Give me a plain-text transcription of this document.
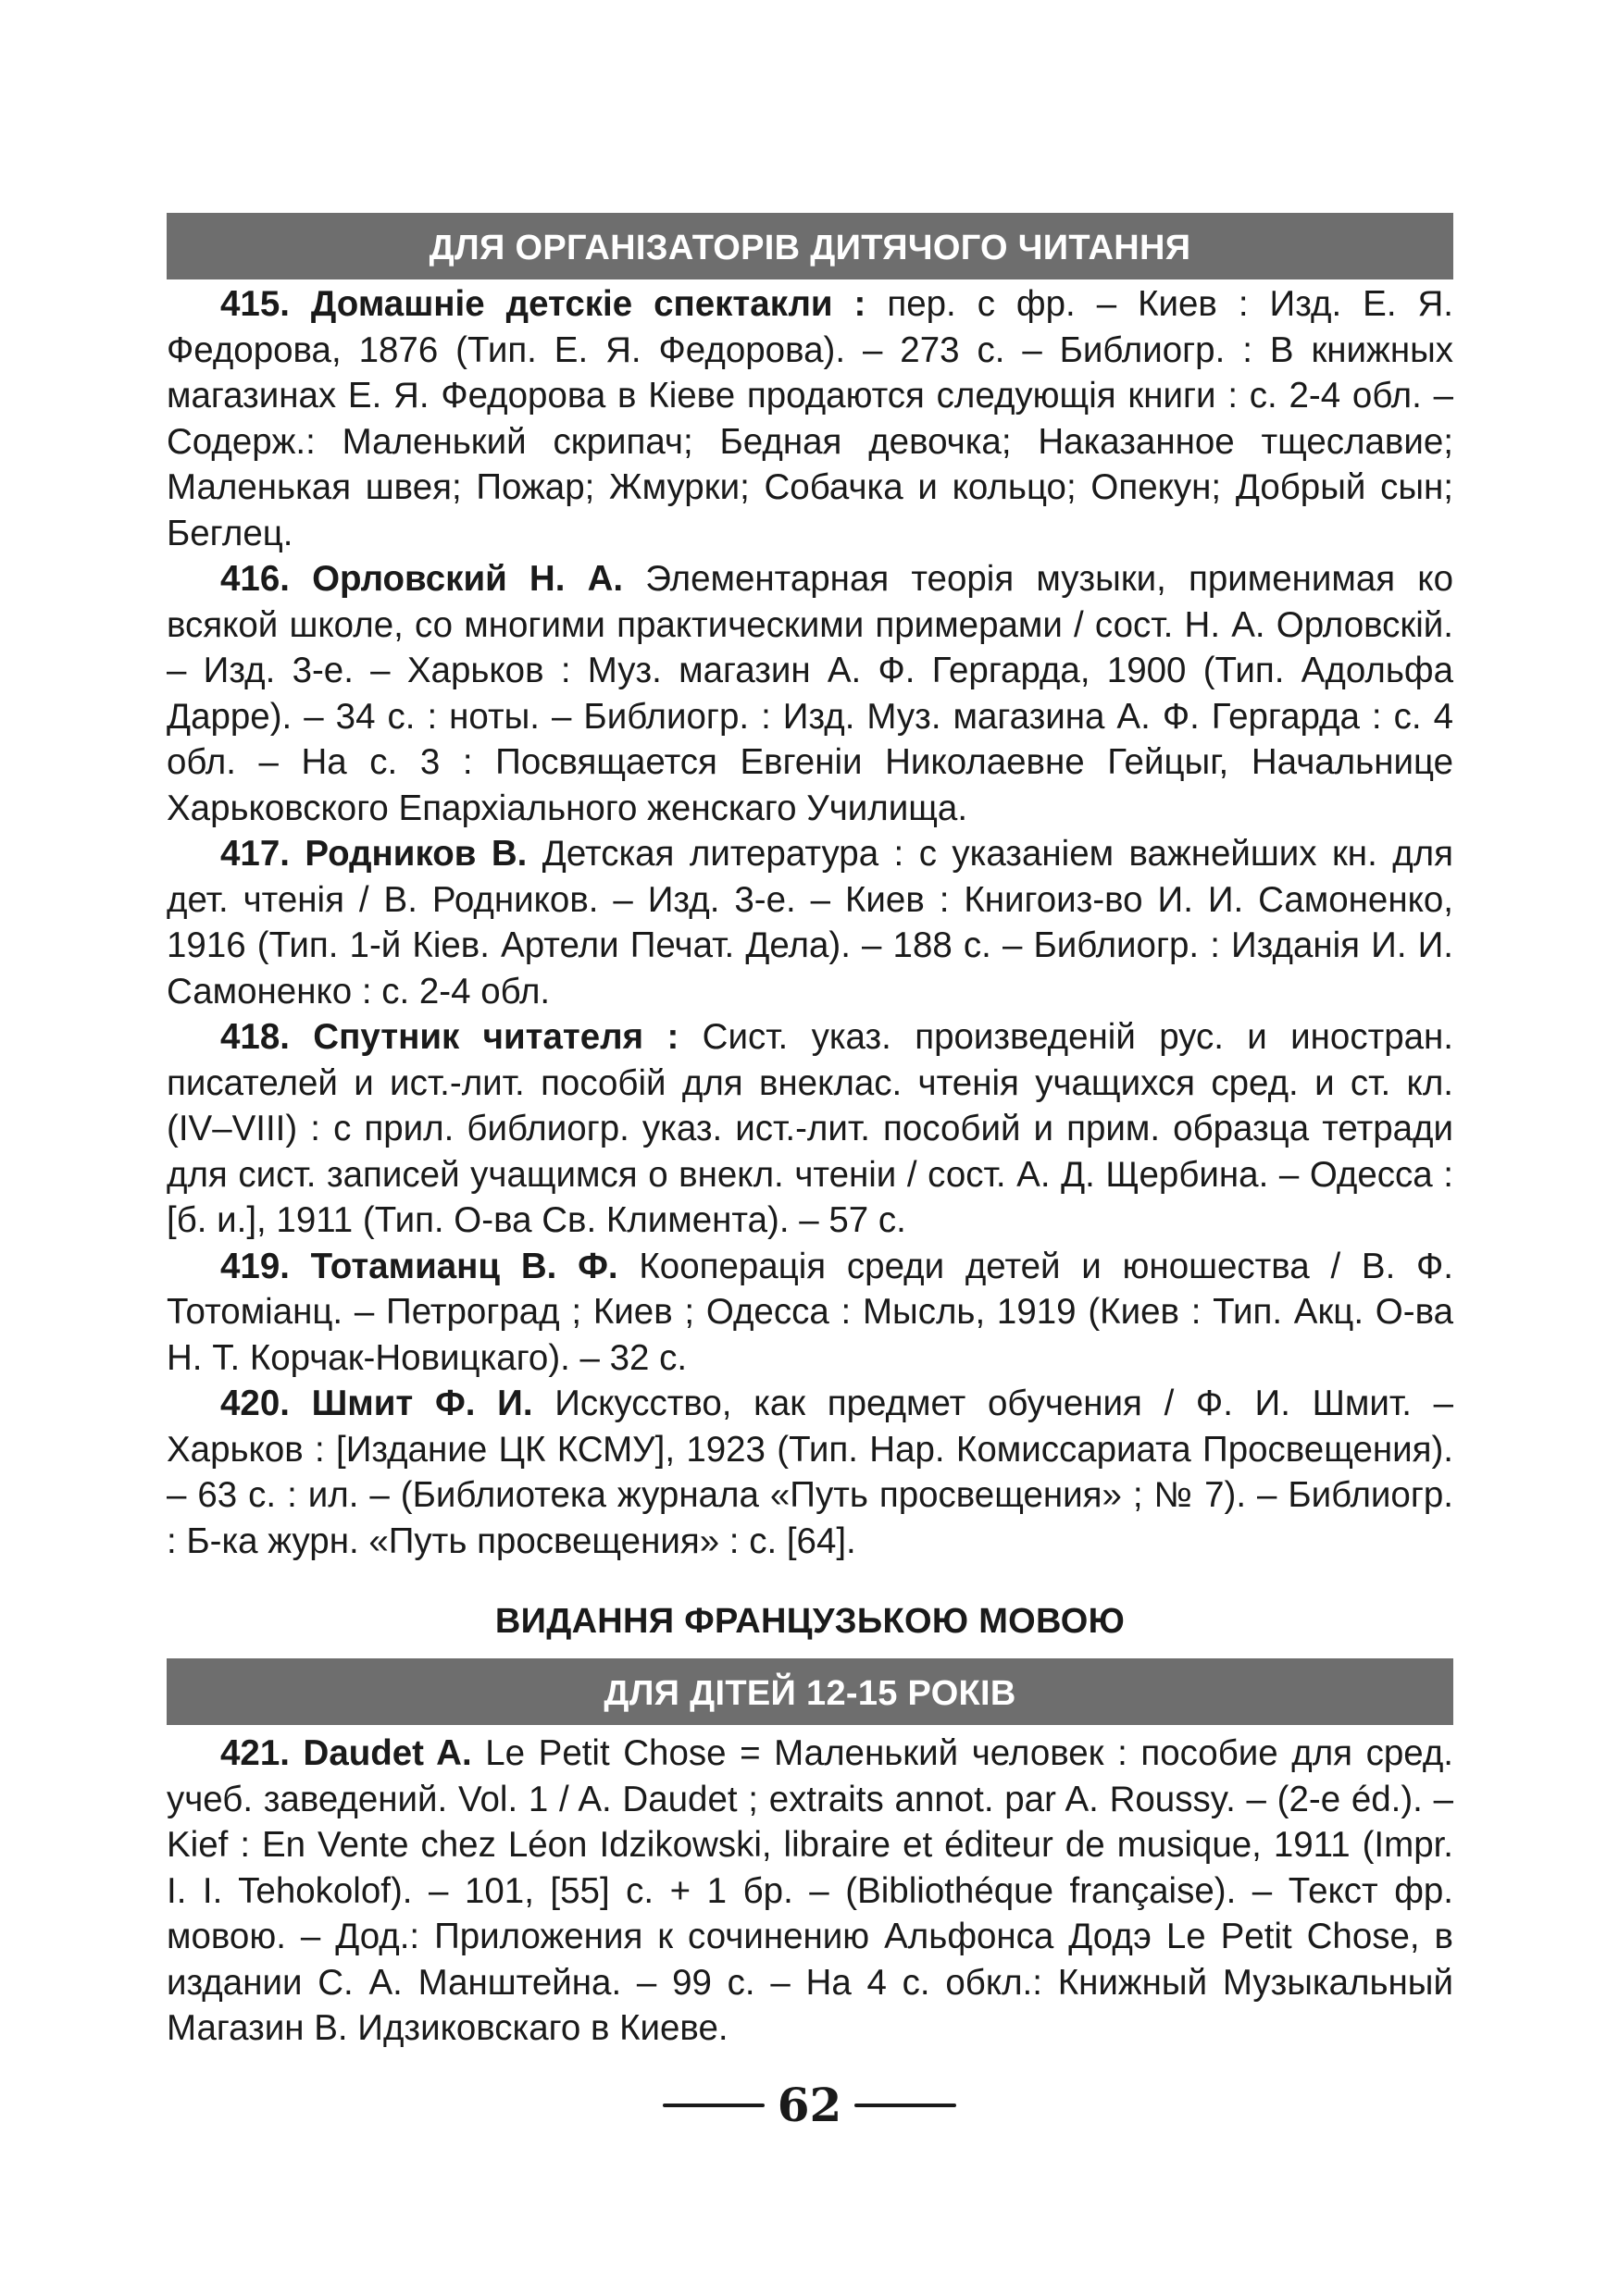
ДЛЯ ОРГАНІЗАТОРІВ ДИТЯЧОГО ЧИТАННЯ

415. Домашніе детскіе спектакли : пер. с фр. – Киев : Изд. Е. Я. Федорова, 1876 (Тип. Е. Я. Федорова). – 273 с. – Библиогр. : В книжных магазинах Е. Я. Федорова в Кіеве продаются следующія книги : с. 2-4 обл. – Содерж.: Маленький скрипач; Бедная девочка; Наказанное тщеславие; Маленькая швея; Пожар; Жмурки; Собачка и кольцо; Опекун; Добрый сын; Беглец.

416. Орловский Н. А. Элементарная теорія музыки, применимая ко всякой школе, со многими практическими примерами / сост. Н. А. Орловскій. – Изд. 3-е. – Харьков : Муз. магазин А. Ф. Гергарда, 1900 (Тип. Адольфа Дарре). – 34 с. : ноты. – Библиогр. : Изд. Муз. магазина А. Ф. Гергарда : с. 4 обл. – На с. 3 : Посвящается Евгеніи Николаевне Гейцыг, Начальнице Харьковского Епархіального женскаго Училища.

417. Родников В. Детская литература : с указаніем важнейших кн. для дет. чтенія / В. Родников. – Изд. 3-е. – Киев : Книгоиз-во И. И. Самоненко, 1916 (Тип. 1-й Кіев. Артели Печат. Дела). – 188 с. – Библиогр. : Изданія И. И. Самоненко : с. 2-4 обл.

418. Спутник читателя : Сист. указ. произведеній рус. и иностран. писателей и ист.-лит. пособій для внеклас. чтенія учащихся сред. и ст. кл. (IV–VIII) : с прил. библиогр. указ. ист.-лит. пособий и прим. образца тетради для сист. записей учащимся о внекл. чтеніи / сост. А. Д. Щербина. – Одесса : [б. и.], 1911 (Тип. О-ва Св. Климента). – 57 с.

419. Тотамианц В. Ф. Кооперація среди детей и юношества / В. Ф. Тотоміанц. – Петроград ; Киев ; Одесса : Мысль, 1919 (Киев : Тип. Акц. О-ва Н. Т. Корчак-Новицкаго). – 32 с.

420. Шмит Ф. И. Искусство, как предмет обучения / Ф. И. Шмит. – Харьков : [Издание ЦК КСМУ], 1923 (Тип. Нар. Комиссариата Просвещения). – 63 с. : ил. – (Библиотека журнала «Путь просвещения» ; № 7). – Библиогр. : Б-ка журн. «Путь просвещения» : с. [64].

ВИДАННЯ ФРАНЦУЗЬКОЮ МОВОЮ
ДЛЯ ДІТЕЙ 12-15 РОКІВ

421. Daudet A. Le Petit Chose = Маленький человек : пособие для сред. учеб. заведений. Vol. 1 / A. Daudet ; extraits annot. par A. Roussy. – (2-e éd.). – Kief : En Vente chez Léon Idzikowski, libraire et éditeur de musique, 1911 (Impr. I. I. Tehokolof). – 101, [55] с. + 1 бр. – (Bibliothéque française). – Текст фр. мовою. – Дод.: Приложения к сочинению Альфонса Додэ Le Petit Chose, в издании С. А. Манштейна. – 99 с. – На 4 с. обкл.: Книжный Музыкальный Магазин В. Идзиковскаго в Киеве.

62
